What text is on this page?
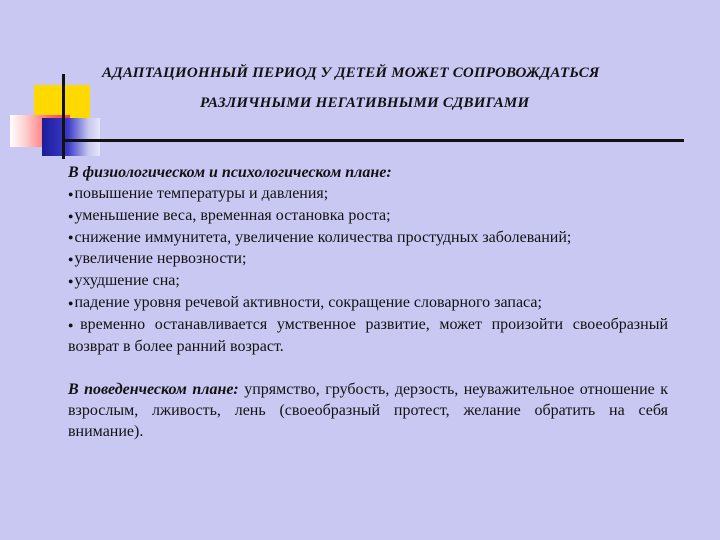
АДАПТАЦИОННЫЙ ПЕРИОД У ДЕТЕЙ МОЖЕТ СОПРОВОЖДАТЬСЯ
РАЗЛИЧНЫМИ НЕГАТИВНЫМИ СДВИГАМИ

В физиологическом и психологическом плане:

●повышение температуры и давления;

●уменьшение веса, временная остановка роста;

●снижение иммунитета, увеличение количества простудных заболеваний;

●увеличение нервозности;

●ухудшение сна;

●падение уровня речевой активности, сокращение словарного запаса;

●временно останавливается умственное развитие, может произойти своеобразный возврат в более ранний возраст.

В поведенческом плане: упрямство, грубость, дерзость, неуважительное отношение к взрослым, лживость, лень (своеобразный протест, желание обратить на себя внимание).
